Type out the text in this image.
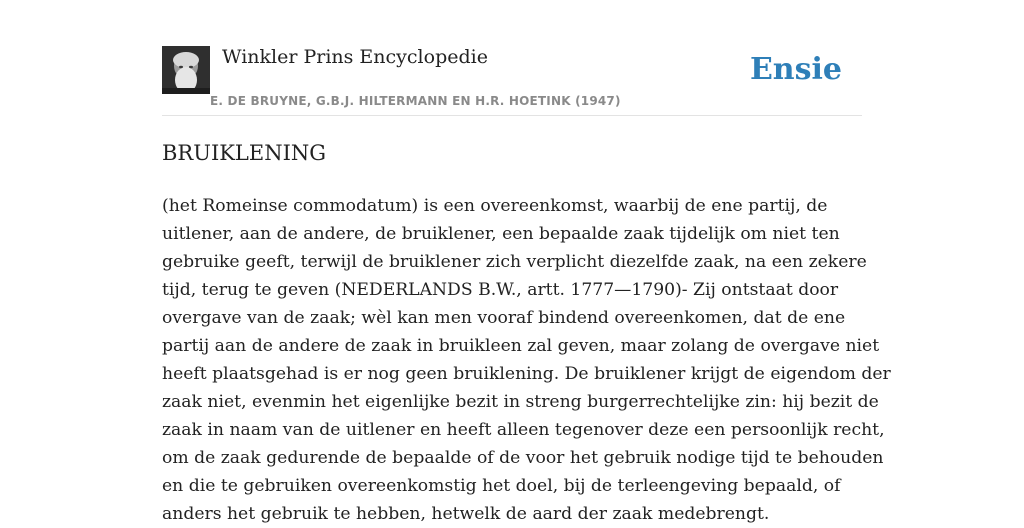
Winkler Prins Encyclopedie
E. DE BRUYNE, G.B.J. HILTERMANN EN H.R. HOETINK (1947)
Ensie
BRUIKLENING

(het Romeinse commodatum) is een overeenkomst, waarbij de ene partij, de
uitlener, aan de andere, de bruiklener, een bepaalde zaak tijdelijk om niet ten
gebruike geeft, terwijl de bruiklener zich verplicht diezelfde zaak, na een zekere
tijd, terug te geven (NEDERLANDS B.W., artt. 1777—1790)- Zij ontstaat door
overgave van de zaak; wèl kan men vooraf bindend overeenkomen, dat de ene
partij aan de andere de zaak in bruikleen zal geven, maar zolang de overgave niet
heeft plaatsgehad is er nog geen bruiklening. De bruiklener krijgt de eigendom der
zaak niet, evenmin het eigenlijke bezit in streng burgerrechtelijke zin: hij bezit de
zaak in naam van de uitlener en heeft alleen tegenover deze een persoonlijk recht,
om de zaak gedurende de bepaalde of de voor het gebruik nodige tijd te behouden
en die te gebruiken overeenkomstig het doel, bij de terleengeving bepaald, of
anders het gebruik te hebben, hetwelk de aard der zaak medebrengt.
